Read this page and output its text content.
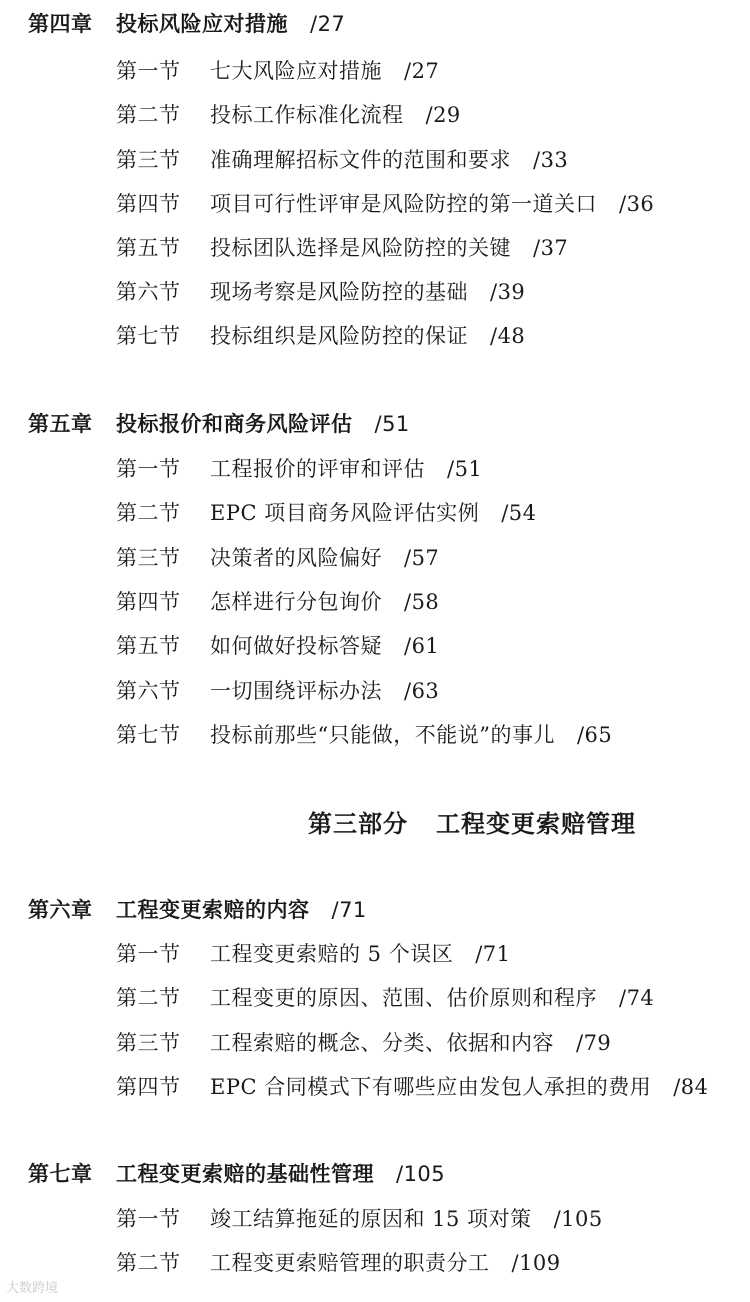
第四章 投标风险应对措施 /27
第一节 七大风险应对措施 /27
第二节 投标工作标准化流程 /29
第三节 准确理解招标文件的范围和要求 /33
第四节 项目可行性评审是风险防控的第一道关口 /36
第五节 投标团队选择是风险防控的关键 /37
第六节 现场考察是风险防控的基础 /39
第七节 投标组织是风险防控的保证 /48
第五章 投标报价和商务风险评估 /51
第一节 工程报价的评审和评估 /51
第二节 EPC 项目商务风险评估实例 /54
第三节 决策者的风险偏好 /57
第四节 怎样进行分包询价 /58
第五节 如何做好投标答疑 /61
第六节 一切围绕评标办法 /63
第七节 投标前那些“只能做，不能说”的事儿 /65
第三部分 工程变更索赔管理
第六章 工程变更索赔的内容 /71
第一节 工程变更索赔的 5 个误区 /71
第二节 工程变更的原因、范围、估价原则和程序 /74
第三节 工程索赔的概念、分类、依据和内容 /79
第四节 EPC 合同模式下有哪些应由发包人承担的费用 /84
第七章 工程变更索赔的基础性管理 /105
第一节 竣工结算拖延的原因和 15 项对策 /105
第二节 工程变更索赔管理的职责分工 /109
大数跨境
